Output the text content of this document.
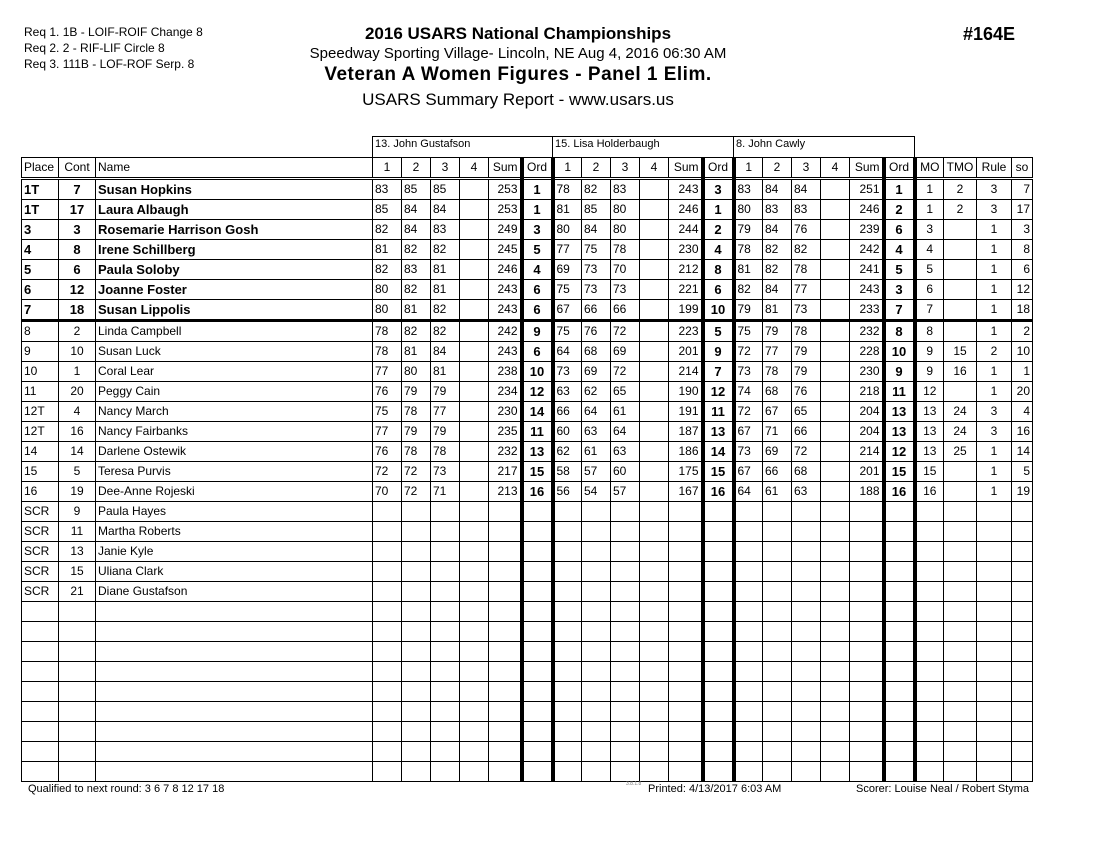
Req 1. 1B - LOIF-ROIF Change 8
Req 2. 2 - RIF-LIF Circle 8
Req 3. 111B - LOF-ROF Serp. 8
2016 USARS National Championships
Speedway Sporting Village- Lincoln, NE Aug 4, 2016 06:30 AM
Veteran A Women Figures - Panel 1 Elim.
USARS Summary Report - www.usars.us
#164E
			13. John Gustafson						15. Lisa Holderbaugh						8. John Cawly									
Place	Cont	Name	1	2	3	4	Sum	Ord	1	2	3	4	Sum	Ord	1	2	3	4	Sum	Ord	MO	TMO	Rule	so
1T	7	Susan Hopkins	83	85	85		253	1	78	82	83		243	3	83	84	84		251	1	1	2	3	7
1T	17	Laura Albaugh	85	84	84		253	1	81	85	80		246	1	80	83	83		246	2	1	2	3	17
3	3	Rosemarie Harrison Gosh	82	84	83		249	3	80	84	80		244	2	79	84	76		239	6	3		1	3
4	8	Irene Schillberg	81	82	82		245	5	77	75	78		230	4	78	82	82		242	4	4		1	8
5	6	Paula Soloby	82	83	81		246	4	69	73	70		212	8	81	82	78		241	5	5		1	6
6	12	Joanne Foster	80	82	81		243	6	75	73	73		221	6	82	84	77		243	3	6		1	12
7	18	Susan Lippolis	80	81	82		243	6	67	66	66		199	10	79	81	73		233	7	7		1	18
8	2	Linda Campbell	78	82	82		242	9	75	76	72		223	5	75	79	78		232	8	8		1	2
9	10	Susan Luck	78	81	84		243	6	64	68	69		201	9	72	77	79		228	10	9	15	2	10
10	1	Coral Lear	77	80	81		238	10	73	69	72		214	7	73	78	79		230	9	9	16	1	1
11	20	Peggy Cain	76	79	79		234	12	63	62	65		190	12	74	68	76		218	11	12		1	20
12T	4	Nancy March	75	78	77		230	14	66	64	61		191	11	72	67	65		204	13	13	24	3	4
12T	16	Nancy Fairbanks	77	79	79		235	11	60	63	64		187	13	67	71	66		204	13	13	24	3	16
14	14	Darlene Ostewik	76	78	78		232	13	62	61	63		186	14	73	69	72		214	12	13	25	1	14
15	5	Teresa Purvis	72	72	73		217	15	58	57	60		175	15	67	66	68		201	15	15		1	5
16	19	Dee-Anne Rojeski	70	72	71		213	16	56	54	57		167	16	64	61	63		188	16	16		1	19
SCR	9	Paula Hayes																						
SCR	11	Martha Roberts																						
SCR	13	Janie Kyle																						
SCR	15	Uliana Clark																						
SCR	21	Diane Gustafson																						

Qualified to next round: 3 6 7 8 12 17 18	3.8.1.8 Printed: 4/13/2017 6:03 AM	Scorer: Louise Neal / Robert Styma
